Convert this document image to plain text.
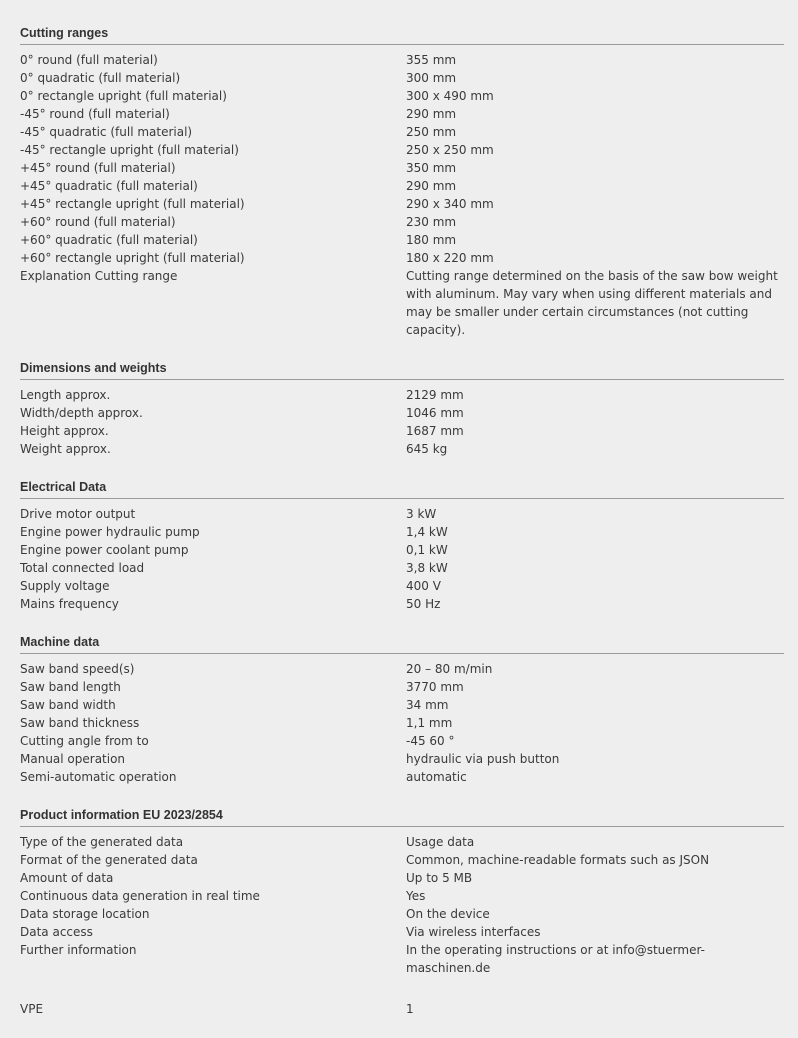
Cutting ranges
0° round (full material)	355 mm
0° quadratic (full material)	300 mm
0° rectangle upright (full material)	300 x 490 mm
-45° round (full material)	290 mm
-45° quadratic (full material)	250 mm
-45° rectangle upright (full material)	250 x 250 mm
+45° round (full material)	350 mm
+45° quadratic (full material)	290 mm
+45° rectangle upright (full material)	290 x 340 mm
+60° round (full material)	230 mm
+60° quadratic (full material)	180 mm
+60° rectangle upright (full material)	180 x 220 mm
Explanation Cutting range	Cutting range determined on the basis of the saw bow weight with aluminum. May vary when using different materials and may be smaller under certain circumstances (not cutting capacity).
Dimensions and weights
Length approx.	2129 mm
Width/depth approx.	1046 mm
Height approx.	1687 mm
Weight approx.	645 kg
Electrical Data
Drive motor output	3 kW
Engine power hydraulic pump	1,4 kW
Engine power coolant pump	0,1 kW
Total connected load	3,8 kW
Supply voltage	400 V
Mains frequency	50 Hz
Machine data
Saw band speed(s)	20 – 80 m/min
Saw band length	3770 mm
Saw band width	34 mm
Saw band thickness	1,1 mm
Cutting angle from to	-45 60 °
Manual operation	hydraulic via push button
Semi-automatic operation	automatic
Product information EU 2023/2854
Type of the generated data	Usage data
Format of the generated data	Common, machine-readable formats such as JSON
Amount of data	Up to 5 MB
Continuous data generation in real time	Yes
Data storage location	On the device
Data access	Via wireless interfaces
Further information	In the operating instructions or at info@stuermer-maschinen.de
VPE	1
